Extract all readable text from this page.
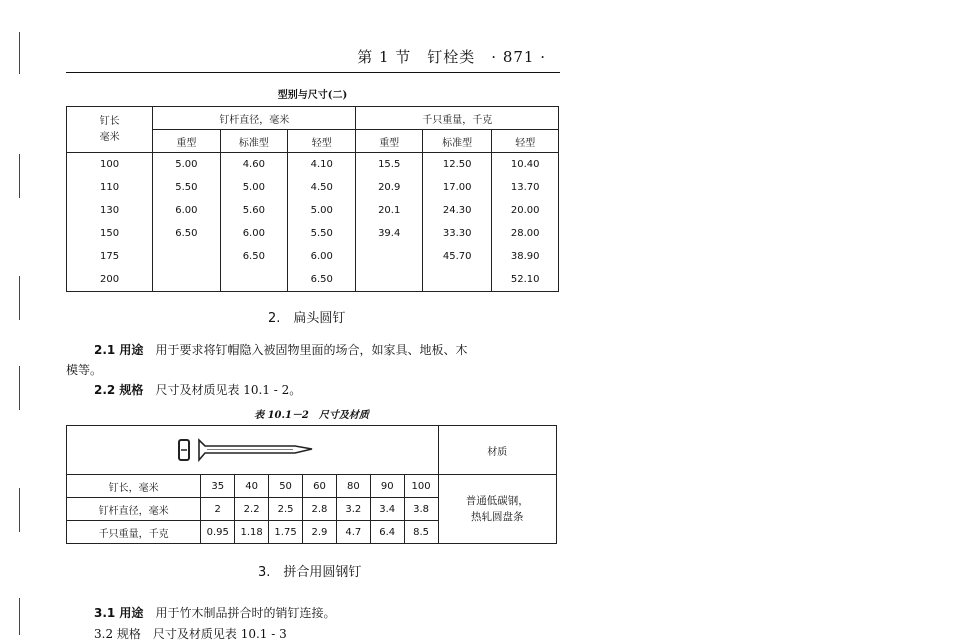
第 1 节　钉栓类　· 871 ·
型别与尺寸(二)
钉长
毫米	钉杆直径，毫米			千只重量，千克		
	重型	标准型	轻型	重型	标准型	轻型
100	5.00	4.60	4.10	15.5	12.50	10.40
110	5.50	5.00	4.50	20.9	17.00	13.70
130	6.00	5.60	5.00	20.1	24.30	20.00
150	6.50	6.00	5.50	39.4	33.30	28.00
175		6.50	6.00		45.70	38.90
200			6.50			52.10
2.　扁头圆钉
2.1 用途　 用于要求将钉帽隐入被固物里面的场合，如家具、地板、木
模等。
2.2 规格　 尺寸及材质见表 10.1 - 2。
表 10.1－2　尺寸及材质
	材质
钉长，毫米	35	40	50	60	80	90	100	普通低碳钢，
热轧圆盘条

钉杆直径，毫米	2	2.2	2.5	2.8	3.2	3.4	3.8	
千只重量，千克	0.95	1.18	1.75	2.9	4.7	6.4	8.5	
3.　拼合用圆钢钉
3.1 用途　 用于竹木制品拼合时的销钉连接。
3.2 规格　尺寸及材质见表 10.1 - 3
